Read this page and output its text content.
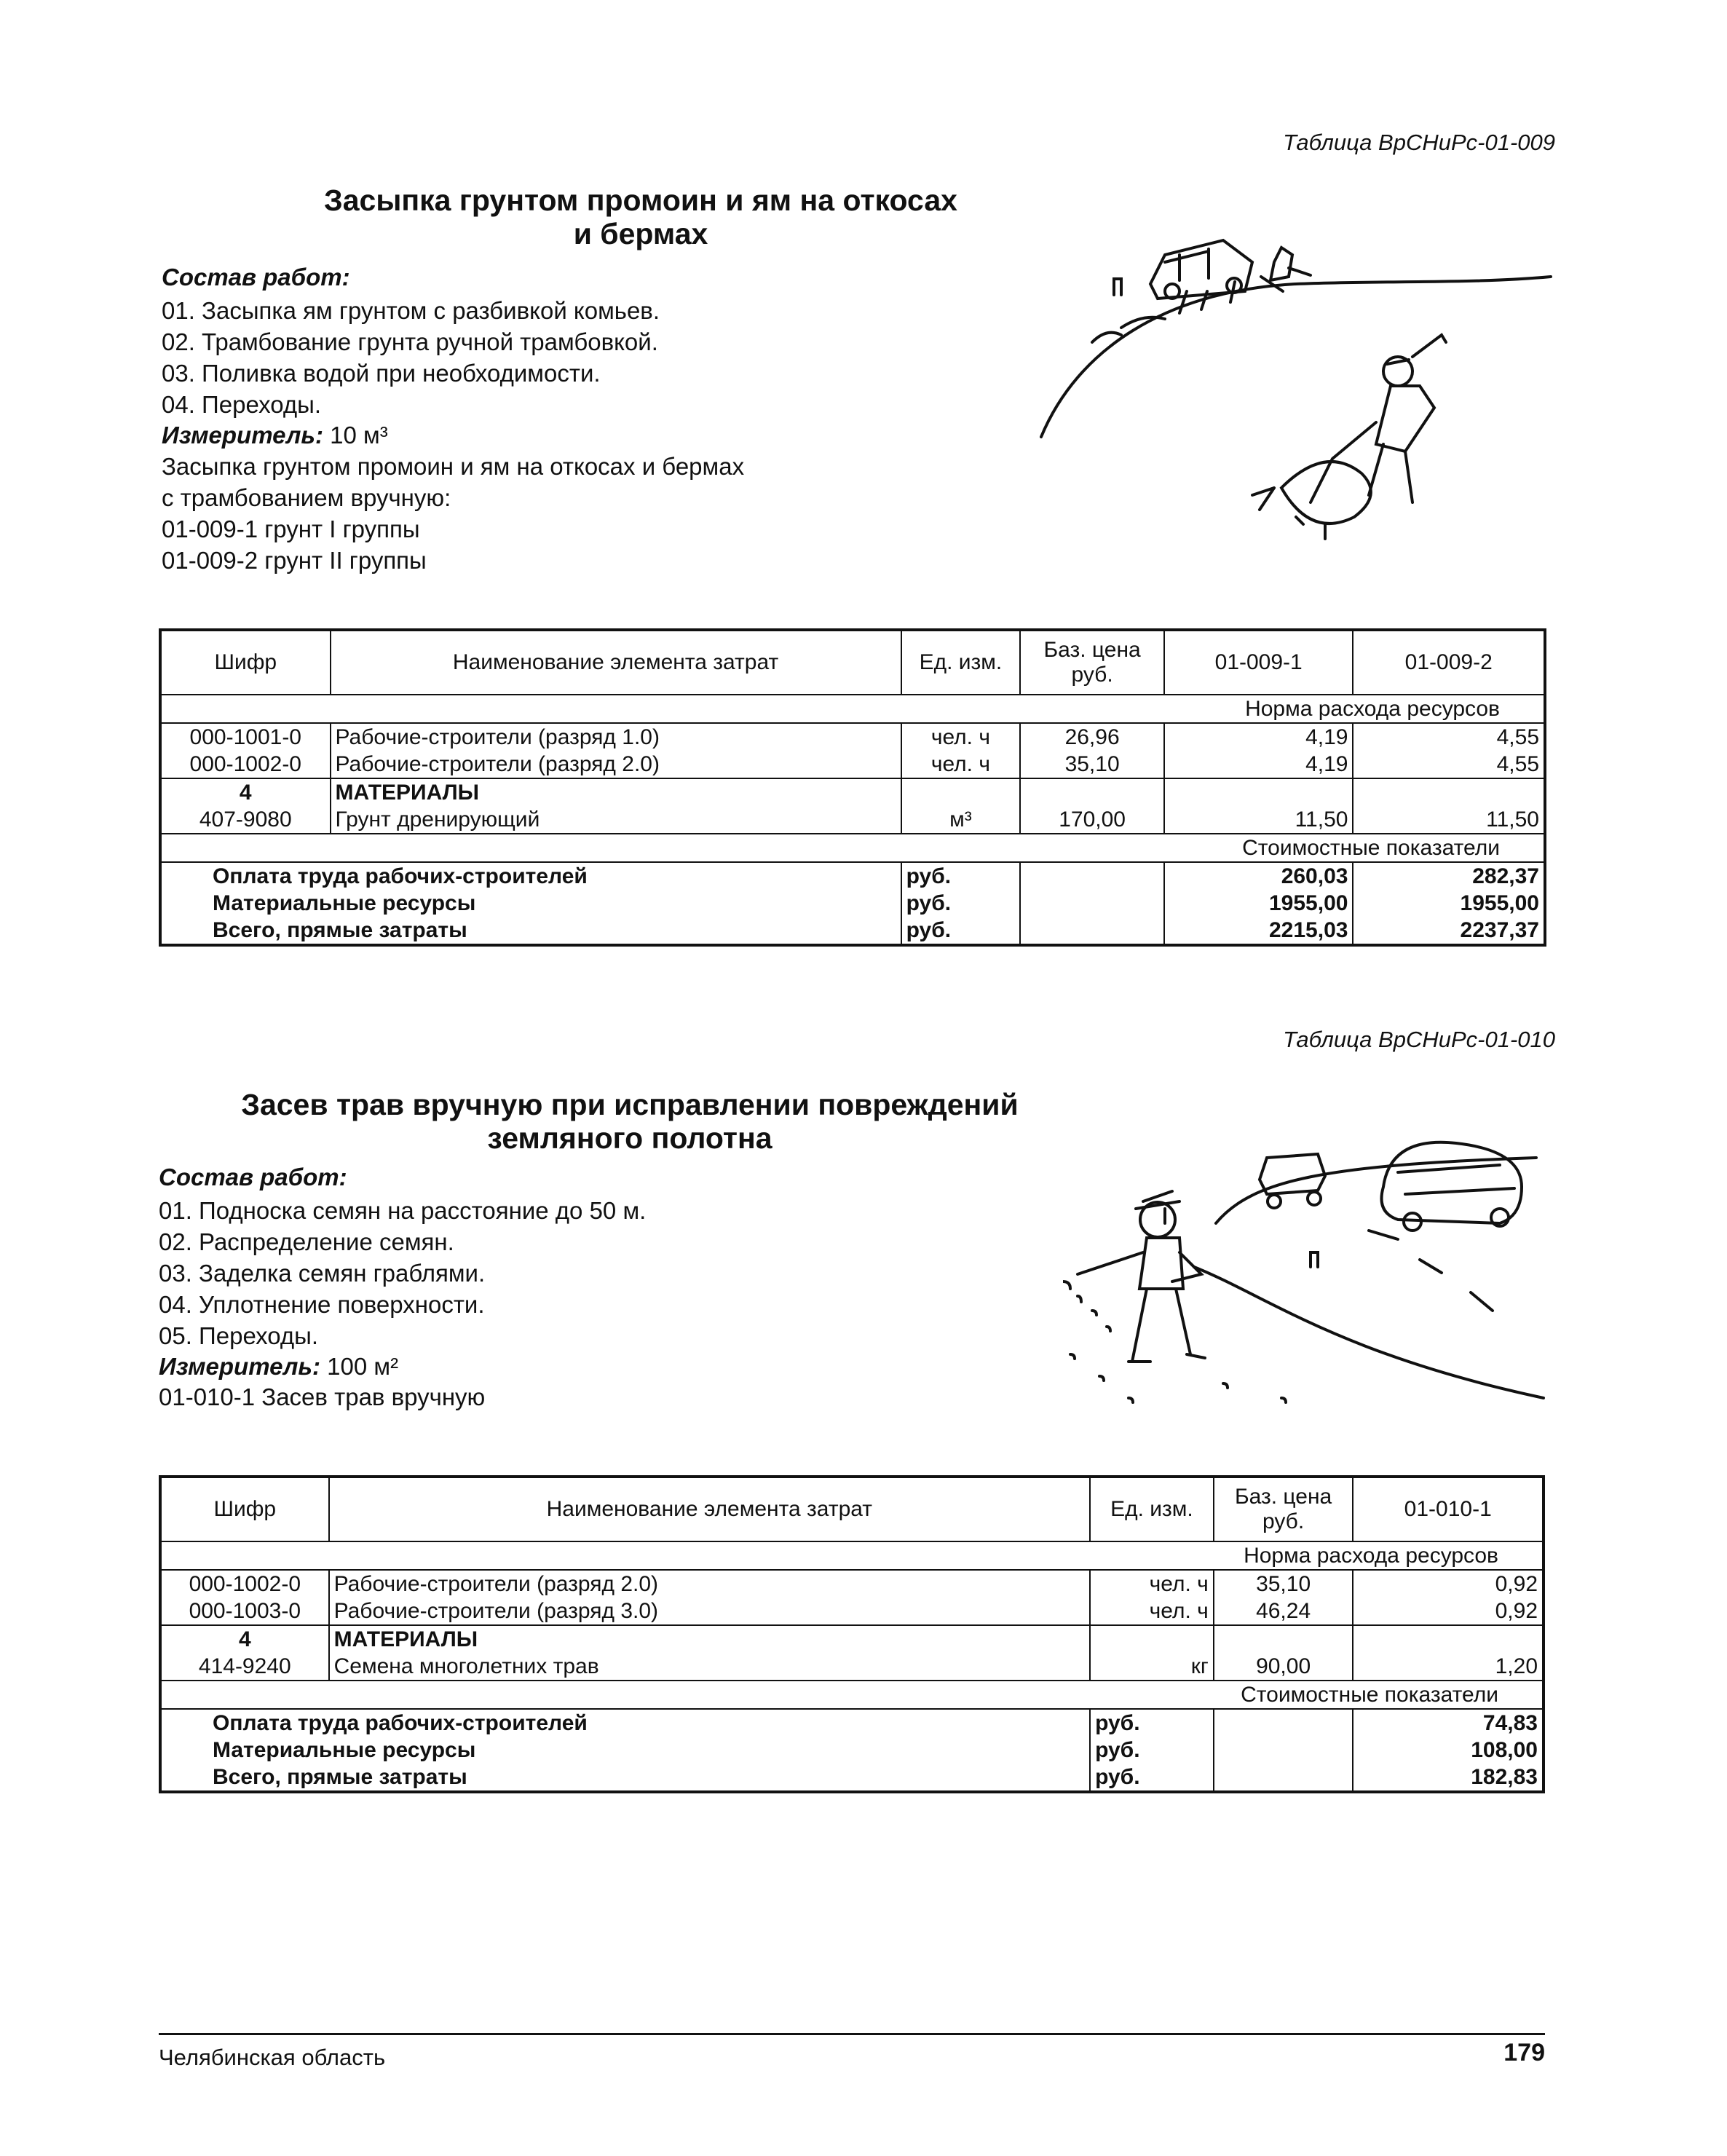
Таблица ВрСНиРс-01-009
Засыпка грунтом промоин и ям на откосах
и бермах
Состав работ:
01. Засыпка ям грунтом с разбивкой комьев.
02. Трамбование грунта ручной трамбовкой.
03. Поливка водой при необходимости.
04. Переходы.
Измеритель: 10 м³
Засыпка грунтом промоин и ям на откосах и бермах
с трамбованием вручную:
01-009-1 грунт I группы
01-009-2 грунт II группы
Шифр	Наименование элемента затрат	Ед. изм.	Баз. цена руб.	01-009-1	01-009-2
Норма расхода ресурсов					
000-1001-0	Рабочие-строители (разряд 1.0)	чел. ч	26,96	4,19	4,55
000-1002-0	Рабочие-строители (разряд 2.0)	чел. ч	35,10	4,19	4,55
4	МАТЕРИАЛЫ				
407-9080	Грунт дренирующий	м³	170,00	11,50	11,50
Стоимостные показатели					
Оплата труда рабочих-строителей		руб.		260,03	282,37
Материальные ресурсы		руб.		1955,00	1955,00
Всего, прямые затраты		руб.		2215,03	2237,37
Таблица ВрСНиРс-01-010
Засев трав вручную при исправлении повреждений
земляного полотна
Состав работ:
01. Подноска семян на расстояние до 50 м.
02. Распределение семян.
03. Заделка семян граблями.
04. Уплотнение поверхности.
05. Переходы.
Измеритель: 100 м²
01-010-1 Засев трав вручную
Шифр	Наименование элемента затрат	Ед. изм.	Баз. цена руб.	01-010-1
Норма расхода ресурсов				
000-1002-0	Рабочие-строители (разряд 2.0)	чел. ч	35,10	0,92
000-1003-0	Рабочие-строители (разряд 3.0)	чел. ч	46,24	0,92
4	МАТЕРИАЛЫ			
414-9240	Семена многолетних трав	кг	90,00	1,20
Стоимостные показатели				
Оплата труда рабочих-строителей		руб.		74,83
Материальные ресурсы		руб.		108,00
Всего, прямые затраты		руб.		182,83
Челябинская область	179
